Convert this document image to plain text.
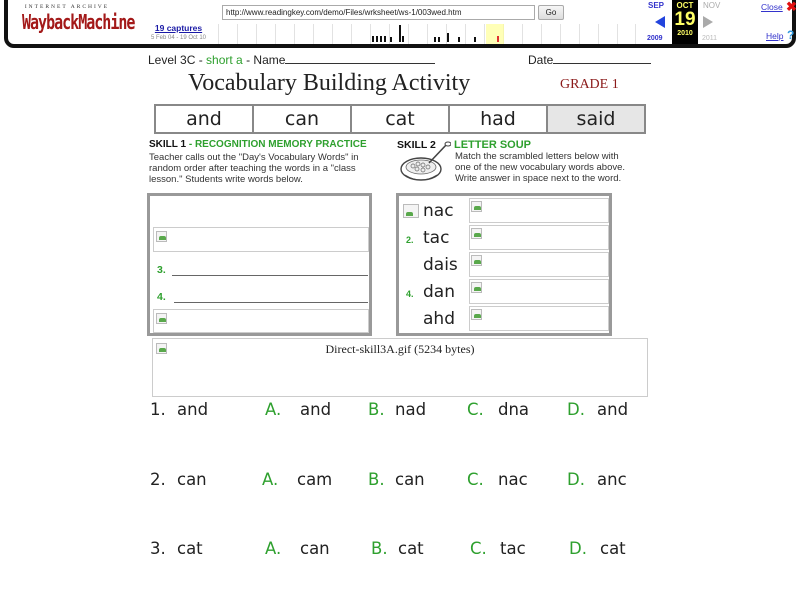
INTERNET ARCHIVE
WaybackMachine	19 captures
5 Feb 04 - 19 Oct 10
http://www.readingkey.com/demo/Files/wrksheet/ws-1/003wed.htm	Go
SEP
2009
OCT
19
2010
NOV
2011
Close ✖
Help ?
Level 3C - short a - Name	Date
Vocabulary Building Activity	GRADE 1
and	can	cat	had	said
SKILL 1 - RECOGNITION MEMORY PRACTICE
Teacher calls out the "Day's Vocabulary Words" in random order after teaching the words in a "class lesson." Students write words below.
3.
4.
SKILL 2 LETTER SOUP
Match the scrambled letters below with one of the new vocabulary words above. Write answer in space next to the word.
nac
2. tac
dais
4. dan
ahd
Direct-skill3A.gif (5234 bytes)
1. and	A. and B. nad C. dna D. and
2. can	A. cam B. can	C. nac D. anc
3. cat	A. can	B. cat	C. tac	D. cat
